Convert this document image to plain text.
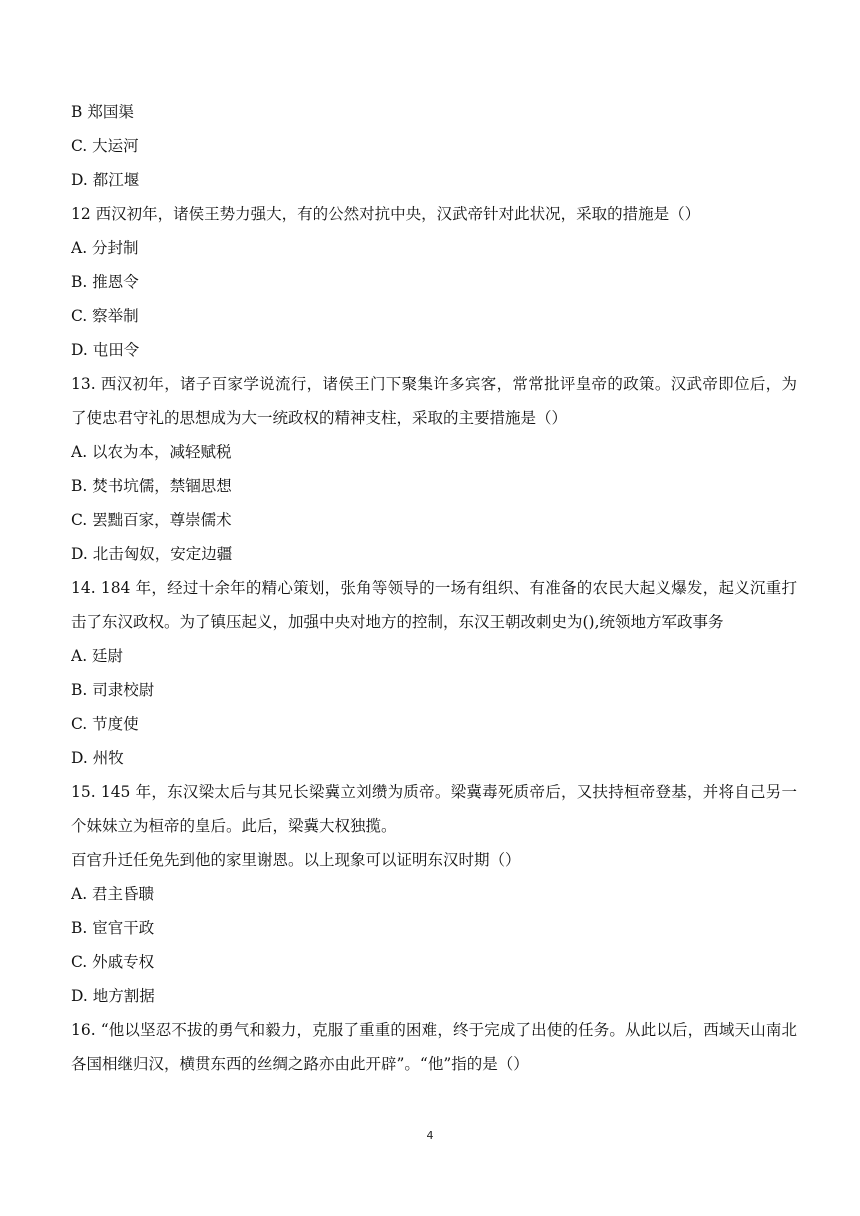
B 郑国渠
C. 大运河
D. 都江堰
12 西汉初年，诸侯王势力强大，有的公然对抗中央，汉武帝针对此状况，采取的措施是（）
A. 分封制
B. 推恩令
C. 察举制
D. 屯田令
13. 西汉初年，诸子百家学说流行，诸侯王门下聚集许多宾客，常常批评皇帝的政策。汉武帝即位后，为了使忠君守礼的思想成为大一统政权的精神支柱，采取的主要措施是（）
A. 以农为本，减轻赋税
B. 焚书坑儒，禁锢思想
C. 罢黜百家，尊崇儒术
D. 北击匈奴，安定边疆
14. 184 年，经过十余年的精心策划，张角等领导的一场有组织、有准备的农民大起义爆发，起义沉重打击了东汉政权。为了镇压起义，加强中央对地方的控制，东汉王朝改刺史为(),统领地方军政事务
A. 廷尉
B. 司隶校尉
C. 节度使
D. 州牧
15. 145 年，东汉梁太后与其兄长梁冀立刘缵为质帝。梁冀毒死质帝后，又扶持桓帝登基，并将自己另一个妹妹立为桓帝的皇后。此后，梁冀大权独揽。
百官升迁任免先到他的家里谢恩。以上现象可以证明东汉时期（）
A. 君主昏聩
B. 宦官干政
C. 外戚专权
D. 地方割据
16. “他以坚忍不拔的勇气和毅力，克服了重重的困难，终于完成了出使的任务。从此以后，西域天山南北各国相继归汉，横贯东西的丝绸之路亦由此开辟”。“他”指的是（）
4
